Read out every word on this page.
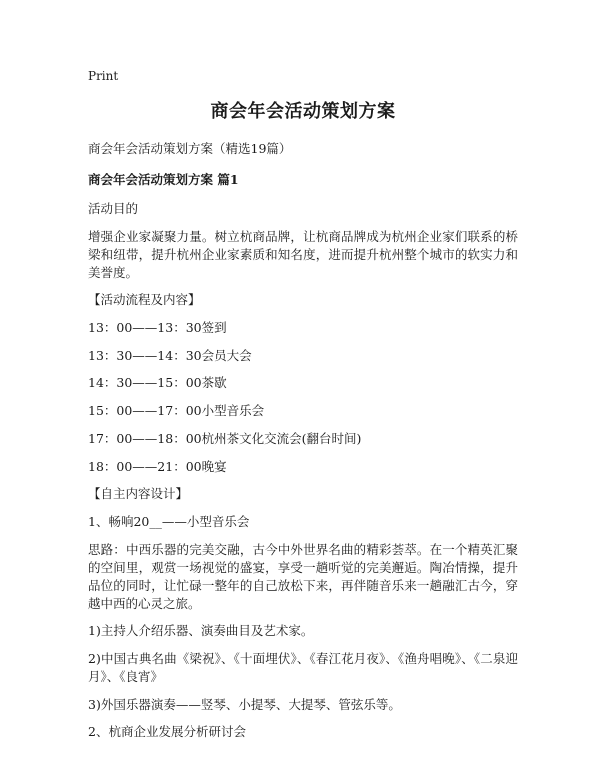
Print
商会年会活动策划方案
商会年会活动策划方案（精选19篇）
商会年会活动策划方案 篇1
活动目的
增强企业家凝聚力量。树立杭商品牌，让杭商品牌成为杭州企业家们联系的桥梁和纽带，提升杭州企业家素质和知名度，进而提升杭州整个城市的软实力和美誉度。
【活动流程及内容】
13：00——13：30签到
13：30——14：30会员大会
14：30——15：00茶歇
15：00——17：00小型音乐会
17：00——18：00杭州茶文化交流会(翻台时间)
18：00——21：00晚宴
【自主内容设计】
1、畅响20__——小型音乐会
思路：中西乐器的完美交融，古今中外世界名曲的精彩荟萃。在一个精英汇聚的空间里，观赏一场视觉的盛宴，享受一趟听觉的完美邂逅。陶冶情操，提升品位的同时，让忙碌一整年的自己放松下来，再伴随音乐来一趟融汇古今，穿越中西的心灵之旅。
1)主持人介绍乐器、演奏曲目及艺术家。
2)中国古典名曲《梁祝》、《十面埋伏》、《春江花月夜》、《渔舟唱晚》、《二泉迎月》、《良宵》
3)外国乐器演奏——竖琴、小提琴、大提琴、管弦乐等。
2、杭商企业发展分析研讨会
